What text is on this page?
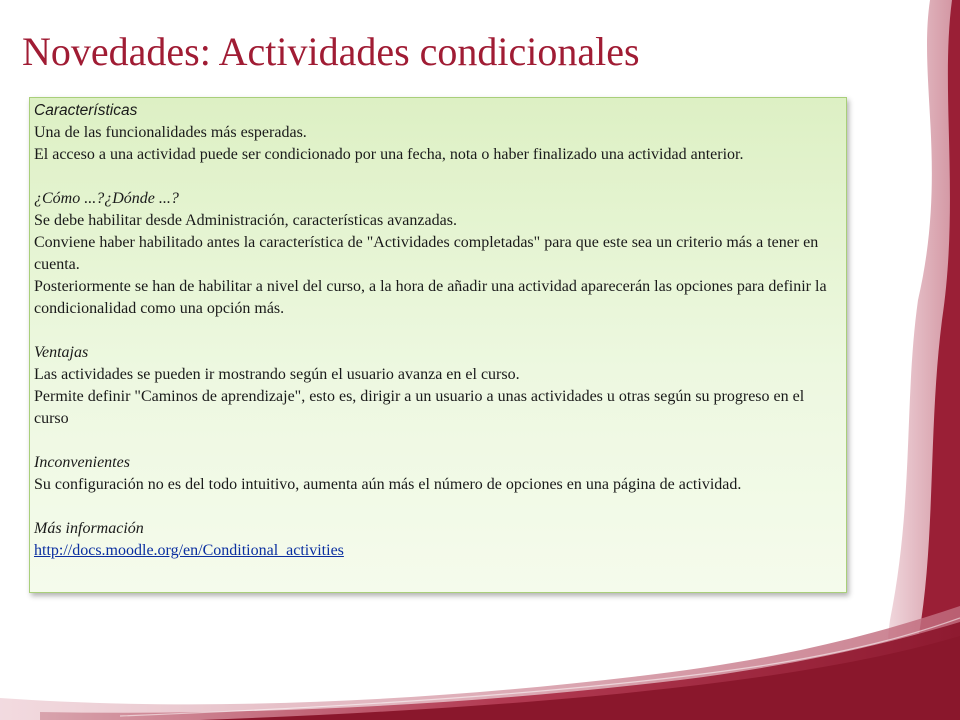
Novedades: Actividades condicionales

Características

Una de las funcionalidades más esperadas.

El acceso a una actividad puede ser condicionado por una fecha, nota o haber finalizado una actividad anterior.

¿Cómo ...?¿Dónde ...?

Se debe habilitar desde Administración, características avanzadas.

Conviene haber habilitado antes la característica de "Actividades completadas" para que este sea un criterio más a tener en cuenta.

Posteriormente se han de habilitar a nivel del curso, a la hora de añadir una actividad aparecerán las opciones para definir la condicionalidad como una opción más.

Ventajas

Las actividades se pueden ir mostrando según el usuario avanza en el curso.

Permite definir "Caminos de aprendizaje", esto es, dirigir a un usuario a unas actividades u otras según su progreso en el curso

Inconvenientes

Su configuración no es del todo intuitivo, aumenta aún más el número de opciones en una página de actividad.

Más información

http://docs.moodle.org/en/Conditional_activities
